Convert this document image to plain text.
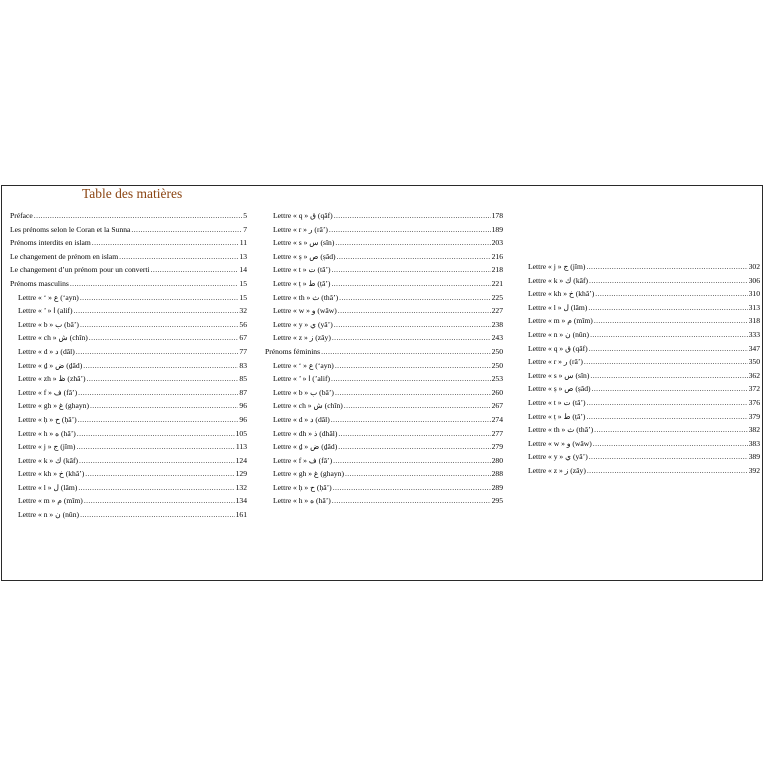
Table des matières
Préface .....	5
Les prénoms selon le Coran et la Sunna .....	7
Prénoms interdits en islam .....	11
Le changement de prénom en islam .....	13
Le changement d’un prénom pour un converti .....	14
Prénoms masculins .....	15
Lettre « ‘ » ع (‘ayn) .....	15
Lettre « ’ » ا (alif) .....	32
Lettre « b » ب (bâ’) .....	56
Lettre « ch » ش (chîn) .....	67
Lettre « d » د (dâl) .....	77
Lettre « ḏ » ض (ḏâd) .....	83
Lettre « zh » ظ (zhâ’) .....	85
Lettre « f » ف (fâ’) .....	87
Lettre « gh » غ (ghayn) .....	96
Lettre « ḥ » ح (ḥâ’) .....	96
Lettre « h » ه (hâ’) .....	105
Lettre « j » ج (jîm) .....	113
Lettre « k » ك (kâf) .....	124
Lettre « kh » خ (khâ’) .....	129
Lettre « l » ل (lâm) .....	132
Lettre « m » م (mîm) .....	134
Lettre « n » ن (nûn) .....	161
Lettre « q » ق (qâf) .....	178
Lettre « r » ر (râ’) .....	189
Lettre « s » س (sîn) .....	203
Lettre « ṣ » ص (ṣâd) .....	216
Lettre « t » ت (tâ’) .....	218
Lettre « ṭ » ط (ṭâ’) .....	221
Lettre « th » ث (thâ’) .....	225
Lettre « w » و (wâw) .....	227
Lettre « y » ي (yâ’) .....	238
Lettre « z » ز (zây) .....	243
Prénoms féminins .....	250
Lettre « ‘ » ع (‘ayn) .....	250
Lettre « ’ » ا (’alif) .....	253
Lettre « b » ب (bâ’) .....	260
Lettre « ch » ش (chîn) .....	267
Lettre « d » د (dâl) .....	274
Lettre « dh » ذ (dhâl) .....	277
Lettre « ḏ » ض (ḏâd) .....	279
Lettre « f » ف (fâ’) .....	280
Lettre « gh » غ (ghayn) .....	288
Lettre « ḥ » ح (ḥâ’) .....	289
Lettre « h » ه (hâ’) .....	295
Lettre « j » ج (jîm) .....	302
Lettre « k » ك (kâf) .....	306
Lettre « kh » خ (khâ’) .....	310
Lettre « l » ل (lâm) .....	313
Lettre « m » م (mîm) .....	318
Lettre « n » ن (nûn) .....	333
Lettre « q » ق (qâf) .....	347
Lettre « r » ر (râ’) .....	350
Lettre « s » س (sîn) .....	362
Lettre « ṣ » ص (ṣâd) .....	372
Lettre « t » ت (tâ’) .....	376
Lettre « ṭ » ط (ṭâ’) .....	379
Lettre « th » ث (thâ’) .....	382
Lettre « w » و (wâw) .....	383
Lettre « y » ي (yâ’) .....	389
Lettre « z » ز (zây) .....	392
